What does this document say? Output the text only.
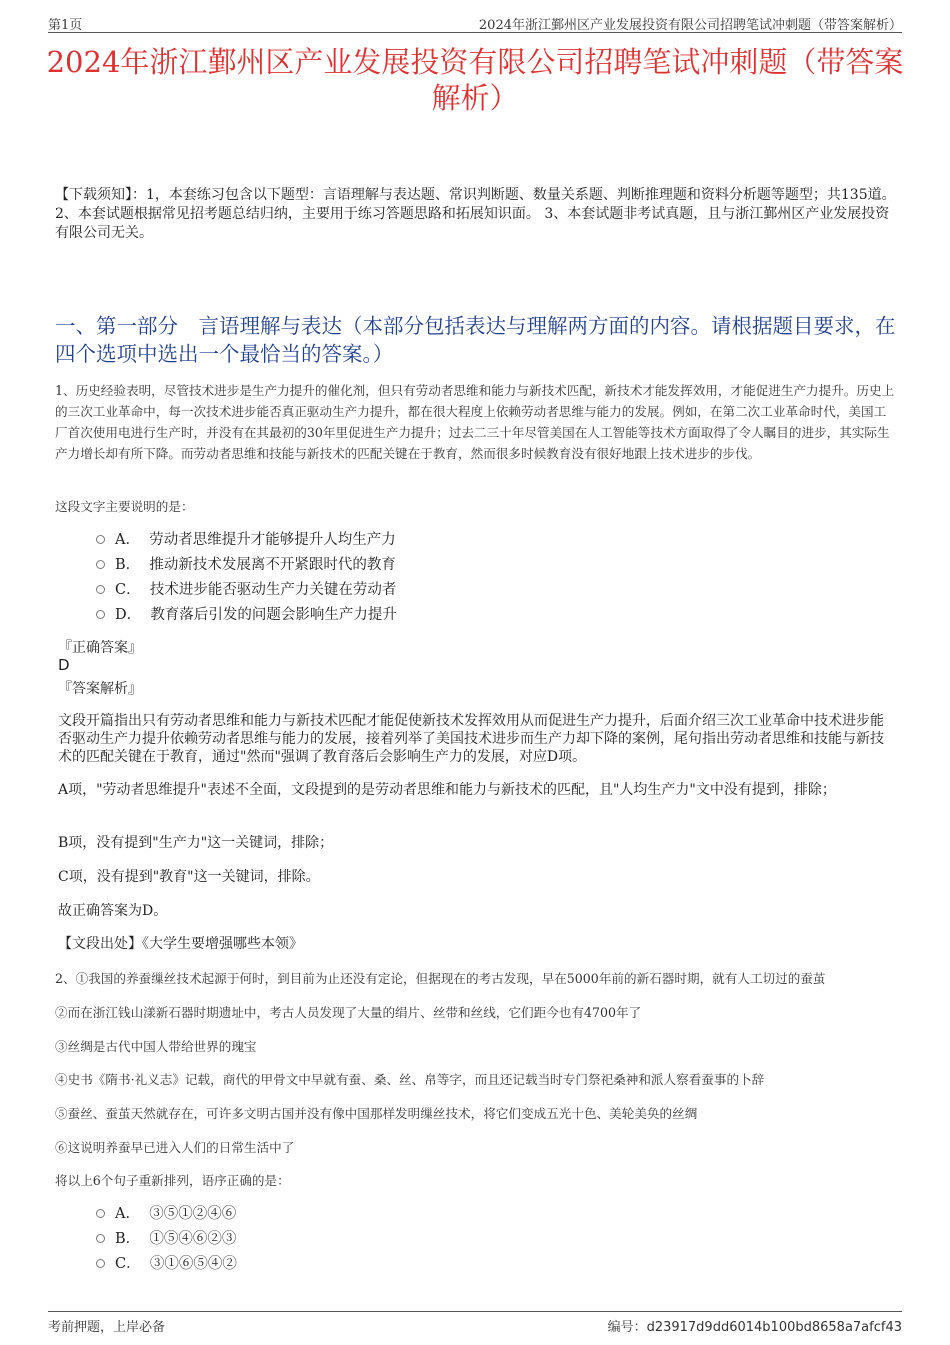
第1页	2024年浙江鄞州区产业发展投资有限公司招聘笔试冲刺题（带答案解析）
2024年浙江鄞州区产业发展投资有限公司招聘笔试冲刺题（带答案解析）
【下载须知】：1，本套练习包含以下题型：言语理解与表达题、常识判断题、数量关系题、判断推理题和资料分析题等题型；共135道。 2、本套试题根据常见招考题总结归纳，主要用于练习答题思路和拓展知识面。 3、本套试题非考试真题，且与浙江鄞州区产业发展投资有限公司无关。
一、第一部分　言语理解与表达（本部分包括表达与理解两方面的内容。请根据题目要求，在四个选项中选出一个最恰当的答案。）
1、历史经验表明，尽管技术进步是生产力提升的催化剂，但只有劳动者思维和能力与新技术匹配，新技术才能发挥效用，才能促进生产力提升。历史上的三次工业革命中，每一次技术进步能否真正驱动生产力提升，都在很大程度上依赖劳动者思维与能力的发展。例如，在第二次工业革命时代，美国工厂首次使用电进行生产时，并没有在其最初的30年里促进生产力提升；过去二三十年尽管美国在人工智能等技术方面取得了令人瞩目的进步，其实际生产力增长却有所下降。而劳动者思维和技能与新技术的匹配关键在于教育，然而很多时候教育没有很好地跟上技术进步的步伐。
这段文字主要说明的是：
A． 劳动者思维提升才能够提升人均生产力
B． 推动新技术发展离不开紧跟时代的教育
C． 技术进步能否驱动生产力关键在劳动者
D． 教育落后引发的问题会影响生产力提升
『正确答案』
D
『答案解析』
文段开篇指出只有劳动者思维和能力与新技术匹配才能促使新技术发挥效用从而促进生产力提升，后面介绍三次工业革命中技术进步能否驱动生产力提升依赖劳动者思维与能力的发展，接着列举了美国技术进步而生产力却下降的案例，尾句指出劳动者思维和技能与新技术的匹配关键在于教育，通过"然而"强调了教育落后会影响生产力的发展，对应D项。
A项，"劳动者思维提升"表述不全面，文段提到的是劳动者思维和能力与新技术的匹配，且"人均生产力"文中没有提到，排除；
B项，没有提到"生产力"这一关键词，排除；
C项，没有提到"教育"这一关键词，排除。
故正确答案为D。
【文段出处】《大学生要增强哪些本领》
2、①我国的养蚕缫丝技术起源于何时，到目前为止还没有定论，但据现在的考古发现，早在5000年前的新石器时期，就有人工切过的蚕茧
②而在浙江钱山漾新石器时期遗址中，考古人员发现了大量的绢片、丝带和丝线，它们距今也有4700年了
③丝绸是古代中国人带给世界的瑰宝
④史书《隋书·礼义志》记载，商代的甲骨文中早就有蚕、桑、丝、帛等字，而且还记载当时专门祭祀桑神和派人察看蚕事的卜辞
⑤蚕丝、蚕茧天然就存在，可许多文明古国并没有像中国那样发明缫丝技术，将它们变成五光十色、美轮美奂的丝绸
⑥这说明养蚕早已进入人们的日常生活中了
将以上6个句子重新排列，语序正确的是：
A． ③⑤①②④⑥
B． ①⑤④⑥②③
C． ③①⑥⑤④②
考前押题，上岸必备	编号：d23917d9dd6014b100bd8658a7afcf43
